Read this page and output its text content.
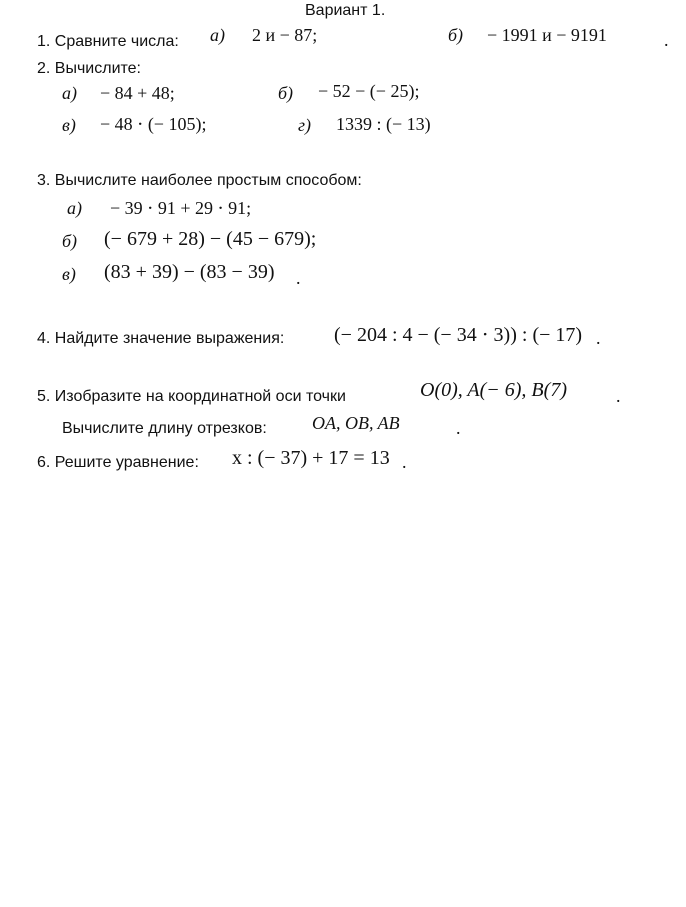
Вариант 1.
1. Сравните числа: а) 2 и − 87;	б) − 1991 и − 9191	.
2. Вычислите:
а) − 84 + 48;	б) − 52 − (− 25);
в) − 48 ⋅ (− 105);	г) 1339 : (− 13)
3. Вычислите наиболее простым способом:
а) − 39 ⋅ 91 + 29 ⋅ 91;
б) (− 679 + 28) − (45 − 679);
в) (83 + 39) − (83 − 39) .
4. Найдите значение выражения: (− 204 : 4 − (− 34 ⋅ 3)) : (− 17) .
5. Изобразите на координатной оси точки	O(0), A(− 6), B(7)	.
Вычислите длину отрезков:	OA, OB, AB	.
6. Решите уравнение: x : (− 37) + 17 = 13 .
